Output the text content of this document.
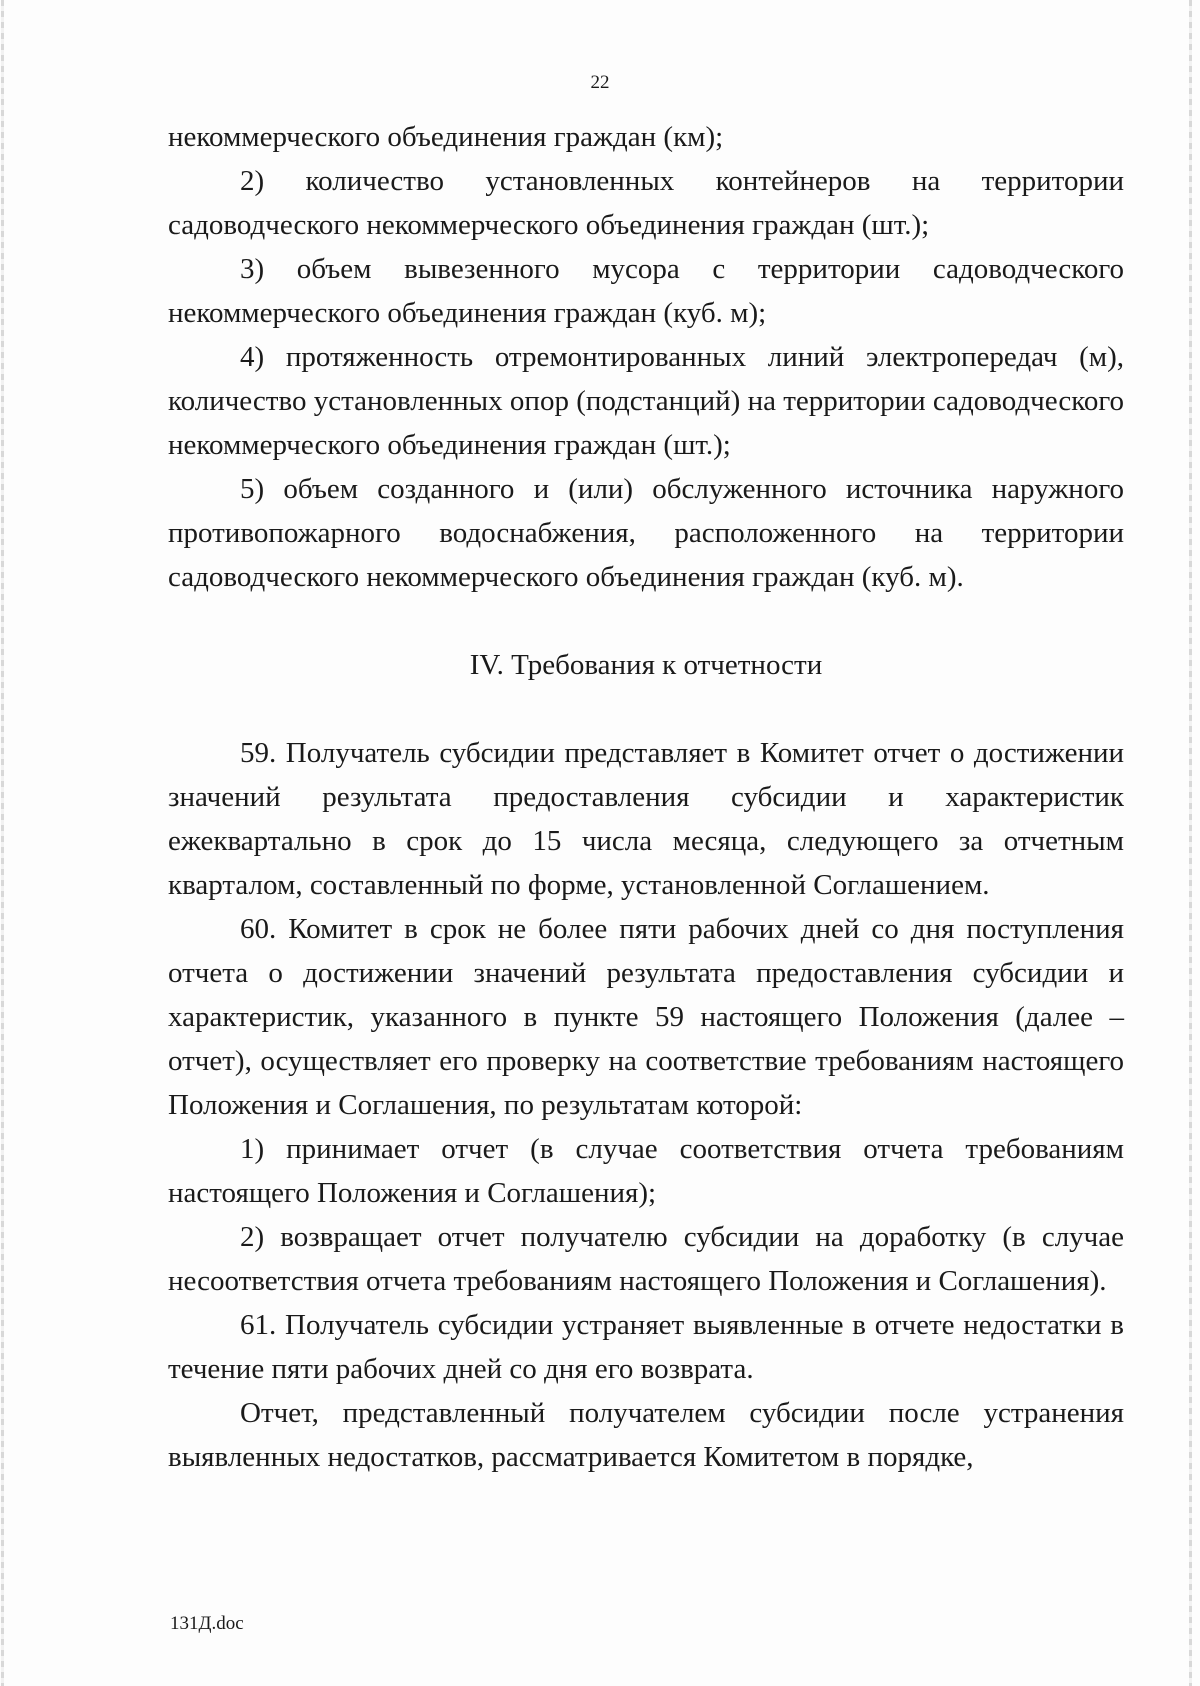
22

некоммерческого объединения граждан (км);

2) количество установленных контейнеров на территории садоводческого некоммерческого объединения граждан (шт.);

3) объем вывезенного мусора с территории садоводческого некоммерческого объединения граждан (куб. м);

4) протяженность отремонтированных линий электропередач (м), количество установленных опор (подстанций) на территории садоводческого некоммерческого объединения граждан (шт.);

5) объем созданного и (или) обслуженного источника наружного противопожарного водоснабжения, расположенного на территории садоводческого некоммерческого объединения граждан (куб. м).

IV. Требования к отчетности

59. Получатель субсидии представляет в Комитет отчет о достижении значений результата предоставления субсидии и характеристик ежеквартально в срок до 15 числа месяца, следующего за отчетным кварталом, составленный по форме, установленной Соглашением.

60. Комитет в срок не более пяти рабочих дней со дня поступления отчета о достижении значений результата предоставления субсидии и характеристик, указанного в пункте 59 настоящего Положения (далее – отчет), осуществляет его проверку на соответствие требованиям настоящего Положения и Соглашения, по результатам которой:

1) принимает отчет (в случае соответствия отчета требованиям настоящего Положения и Соглашения);

2) возвращает отчет получателю субсидии на доработку (в случае несоответствия отчета требованиям настоящего Положения и Соглашения).

61. Получатель субсидии устраняет выявленные в отчете недостатки в течение пяти рабочих дней со дня его возврата.

Отчет, представленный получателем субсидии после устранения выявленных недостатков, рассматривается Комитетом в порядке,

131Д.doc
